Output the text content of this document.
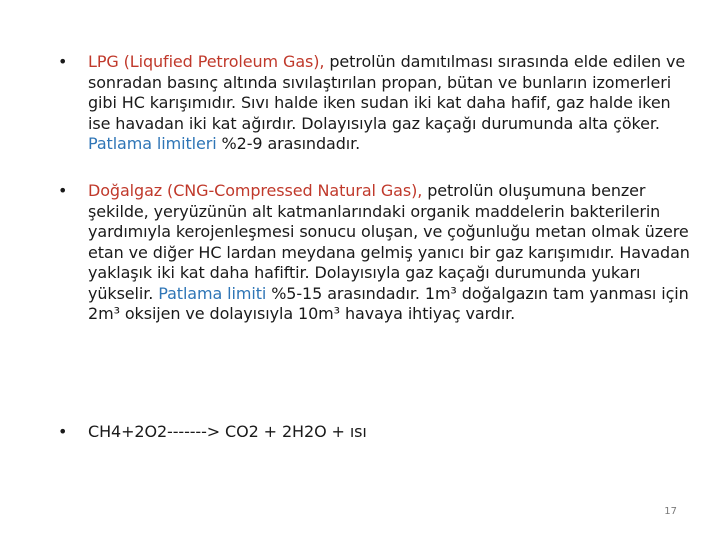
• LPG (Liqufied Petroleum Gas), petrolün damıtılması sırasında elde edilen ve sonradan basınç altında sıvılaştırılan propan, bütan ve bunların izomerleri gibi HC karışımıdır. Sıvı halde iken sudan iki kat daha hafif, gaz halde iken ise havadan iki kat ağırdır. Dolayısıyla gaz kaçağı durumunda alta çöker. Patlama limitleri %2-9 arasındadır.
• Doğalgaz (CNG-Compressed Natural Gas), petrolün oluşumuna benzer şekilde, yeryüzünün alt katmanlarındaki organik maddelerin bakterilerin yardımıyla kerojenleşmesi sonucu oluşan, ve çoğunluğu metan olmak üzere etan ve diğer HC lardan meydana gelmiş yanıcı bir gaz karışımıdır. Havadan yaklaşık iki kat daha hafiftir. Dolayısıyla gaz kaçağı durumunda yukarı yükselir. Patlama limiti %5-15 arasındadır. 1m³ doğalgazın tam yanması için 2m³ oksijen ve dolayısıyla 10m³ havaya ihtiyaç vardır.
• CH4+2O2-------> CO2 + 2H2O + ısı
17
